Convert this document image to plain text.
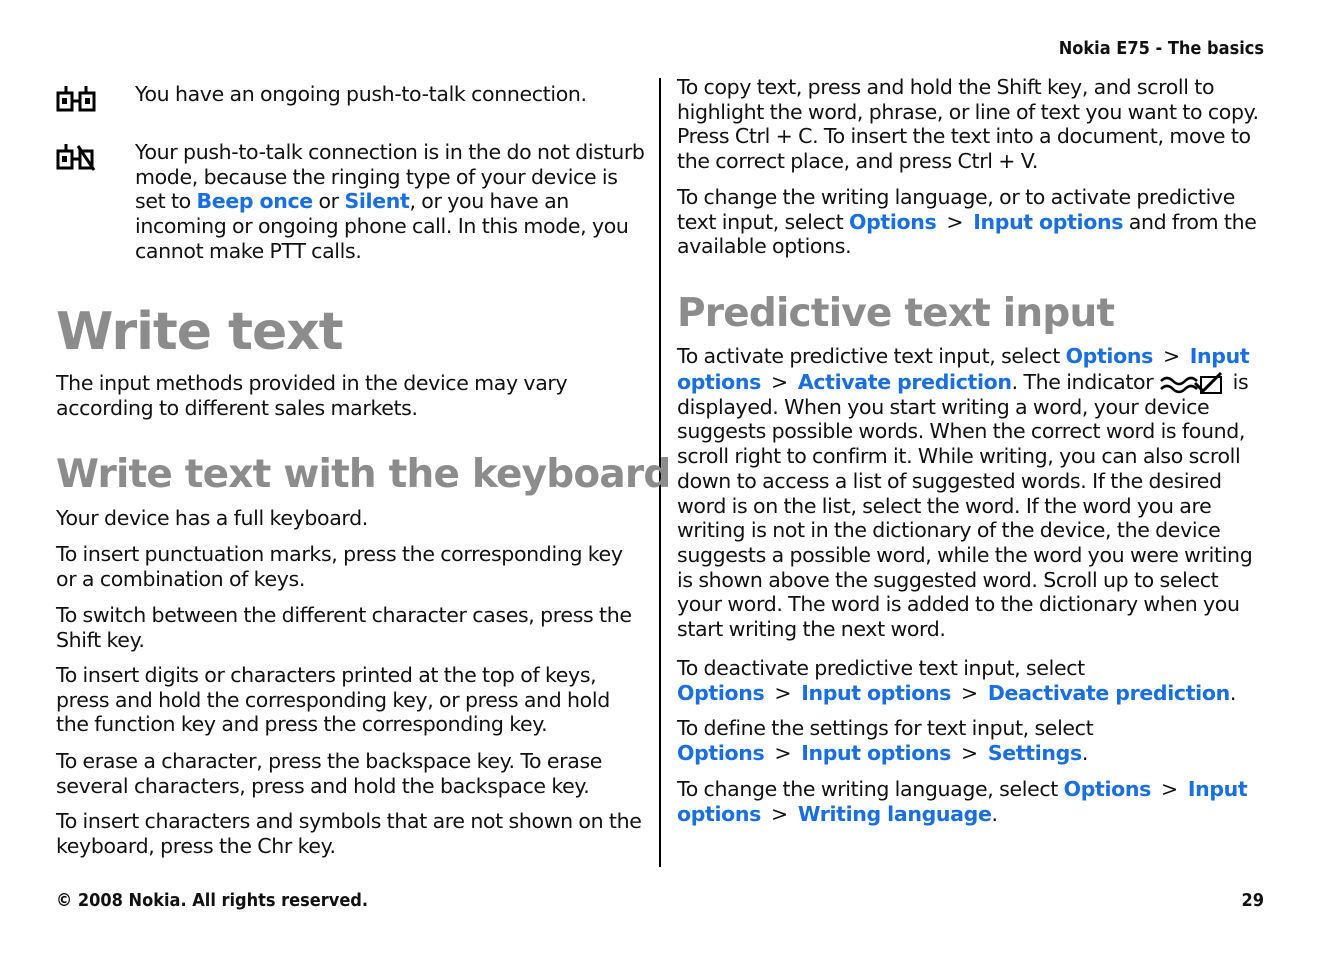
Nokia E75 - The basics

You have an ongoing push-to-talk connection.

Your push-to-talk connection is in the do not disturb mode, because the ringing type of your device is set to Beep once or Silent, or you have an incoming or ongoing phone call. In this mode, you cannot make PTT calls.

Write text

The input methods provided in the device may vary according to different sales markets.

Write text with the keyboard

Your device has a full keyboard.

To insert punctuation marks, press the corresponding key or a combination of keys.

To switch between the different character cases, press the Shift key.

To insert digits or characters printed at the top of keys, press and hold the corresponding key, or press and hold the function key and press the corresponding key.

To erase a character, press the backspace key. To erase several characters, press and hold the backspace key.

To insert characters and symbols that are not shown on the keyboard, press the Chr key.

To copy text, press and hold the Shift key, and scroll to highlight the word, phrase, or line of text you want to copy. Press Ctrl + C. To insert the text into a document, move to the correct place, and press Ctrl + V.

To change the writing language, or to activate predictive text input, select Options > Input options and from the available options.

Predictive text input

To activate predictive text input, select Options > Input options > Activate prediction. The indicator	is displayed. When you start writing a word, your device suggests possible words. When the correct word is found, scroll right to confirm it. While writing, you can also scroll down to access a list of suggested words. If the desired word is on the list, select the word. If the word you are writing is not in the dictionary of the device, the device suggests a possible word, while the word you were writing is shown above the suggested word. Scroll up to select your word. The word is added to the dictionary when you start writing the next word.

To deactivate predictive text input, select Options > Input options > Deactivate prediction.

To define the settings for text input, select Options > Input options > Settings.

To change the writing language, select Options > Input options > Writing language.

© 2008 Nokia. All rights reserved.	29
